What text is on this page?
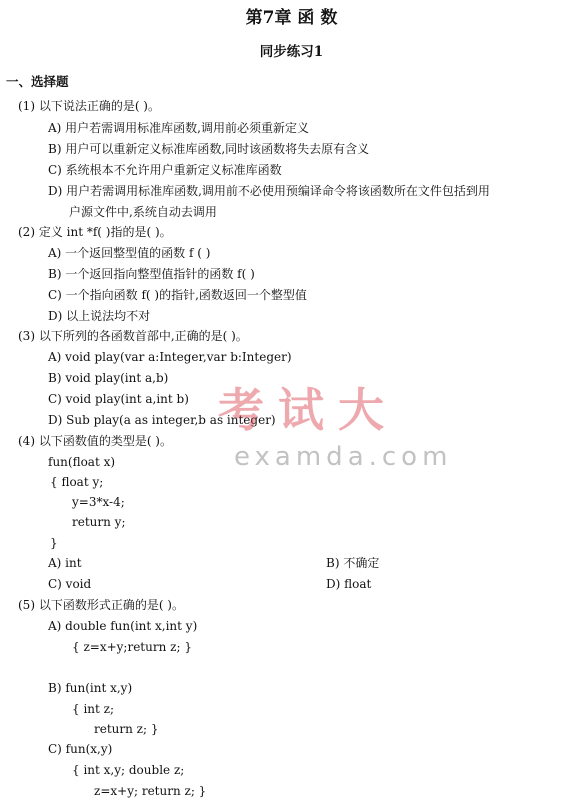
第7章 函 数
同步练习1
一、选择题
(1) 以下说法正确的是( )。
A) 用户若需调用标准库函数,调用前必须重新定义
B) 用户可以重新定义标准库函数,同时该函数将失去原有含义
C) 系统根本不允许用户重新定义标准库函数
D) 用户若需调用标准库函数,调用前不必使用预编译命令将该函数所在文件包括到用
户源文件中,系统自动去调用
(2) 定义 int *f( )指的是( )。
A) 一个返回整型值的函数 f ( )
B) 一个返回指向整型值指针的函数 f( )
C) 一个指向函数 f( )的指针,函数返回一个整型值
D) 以上说法均不对
(3) 以下所列的各函数首部中,正确的是( )。
A) void play(var a:Integer,var b:Integer)
B) void play(int a,b)
C) void play(int a,int b)
D) Sub play(a as integer,b as integer)
(4) 以下函数值的类型是( )。
fun(float x)
{ float y;
y=3*x-4;
return y;
}
A) int	B) 不确定
C) void	D) float
(5) 以下函数形式正确的是( )。
A) double fun(int x,int y)
{ z=x+y;return z; }
B) fun(int x,y)
{ int z;
return z; }
C) fun(x,y)
{ int x,y; double z;
z=x+y; return z; }
考试大
examda.com
